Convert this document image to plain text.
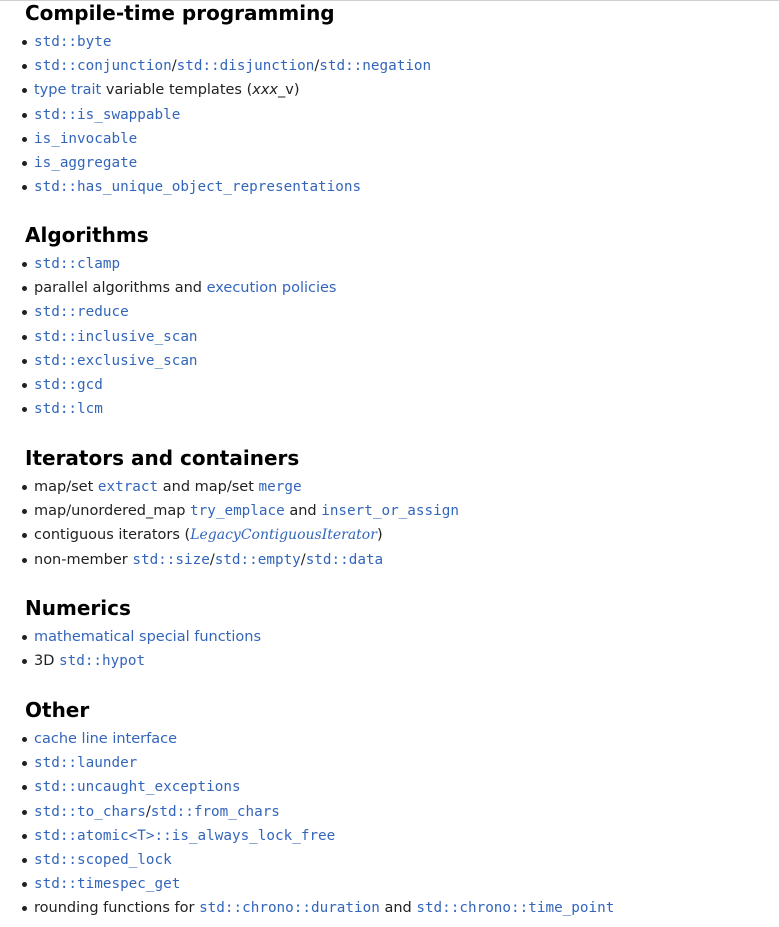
Compile-time programming
std::byte
std::conjunction/std::disjunction/std::negation
type trait variable templates (xxx_v)
std::is_swappable
is_invocable
is_aggregate
std::has_unique_object_representations
Algorithms
std::clamp
parallel algorithms and execution policies
std::reduce
std::inclusive_scan
std::exclusive_scan
std::gcd
std::lcm
Iterators and containers
map/set extract and map/set merge
map/unordered_map try_emplace and insert_or_assign
contiguous iterators (LegacyContiguousIterator)
non-member std::size/std::empty/std::data
Numerics
mathematical special functions
3D std::hypot
Other
cache line interface
std::launder
std::uncaught_exceptions
std::to_chars/std::from_chars
std::atomic<T>::is_always_lock_free
std::scoped_lock
std::timespec_get
rounding functions for std::chrono::duration and std::chrono::time_point
